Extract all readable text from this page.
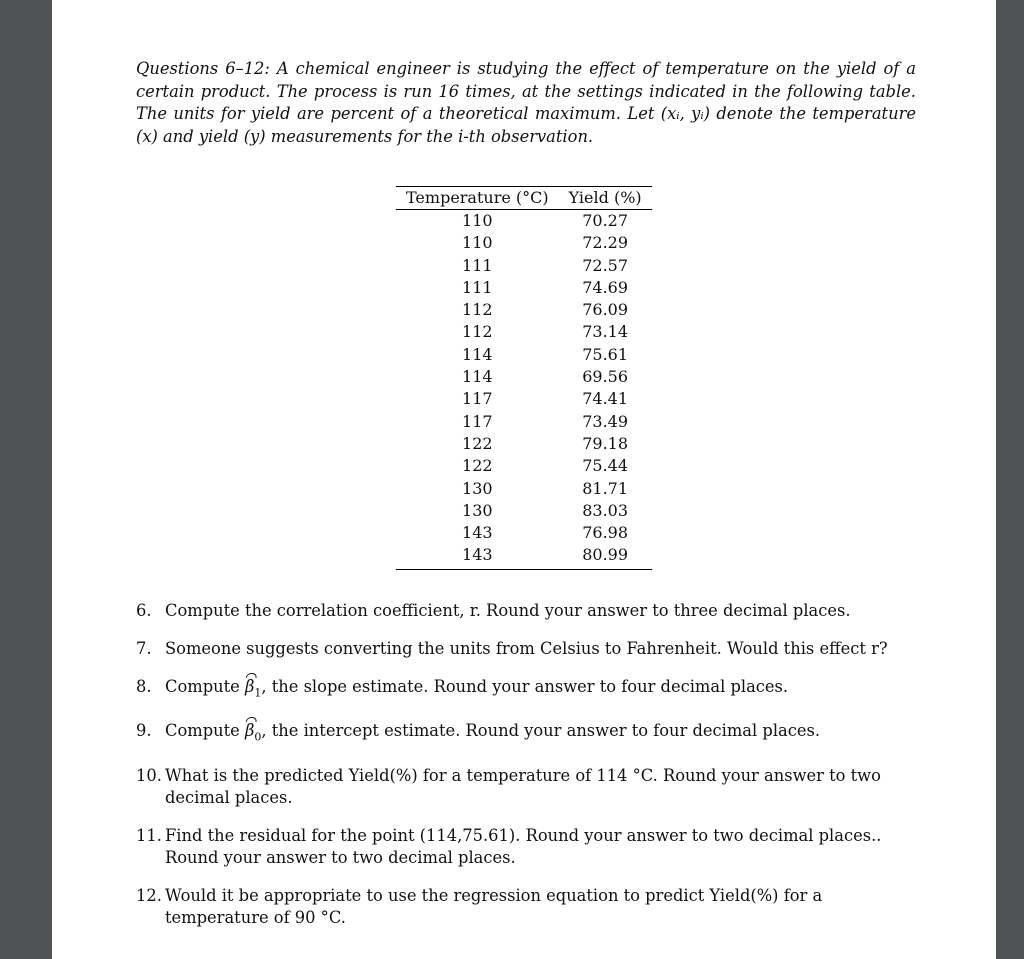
Questions 6–12: A chemical engineer is studying the effect of temperature on the yield of a certain product. The process is run 16 times, at the settings indicated in the following table. The units for yield are percent of a theoretical maximum. Let (xᵢ, yᵢ) denote the temperature (x) and yield (y) measurements for the i-th observation.

Temperature (°C)	Yield (%)
110	70.27
110	72.29
111	72.57
111	74.69
112	76.09
112	73.14
114	75.61
114	69.56
117	74.41
117	73.49
122	79.18
122	75.44
130	81.71
130	83.03
143	76.98
143	80.99
6. Compute the correlation coefficient, r. Round your answer to three decimal places.
7. Someone suggests converting the units from Celsius to Fahrenheit. Would this effect r?
8. Compute $\beta_1$, the slope estimate. Round your answer to four decimal places.
9. Compute $\beta_0$, the intercept estimate. Round your answer to four decimal places.
10. What is the predicted Yield(%) for a temperature of 114 °C. Round your answer to two decimal places.
11. Find the residual for the point (114,75.61). Round your answer to two decimal places.. Round your answer to two decimal places.
12. Would it be appropriate to use the regression equation to predict Yield(%) for a temperature of 90 °C.
